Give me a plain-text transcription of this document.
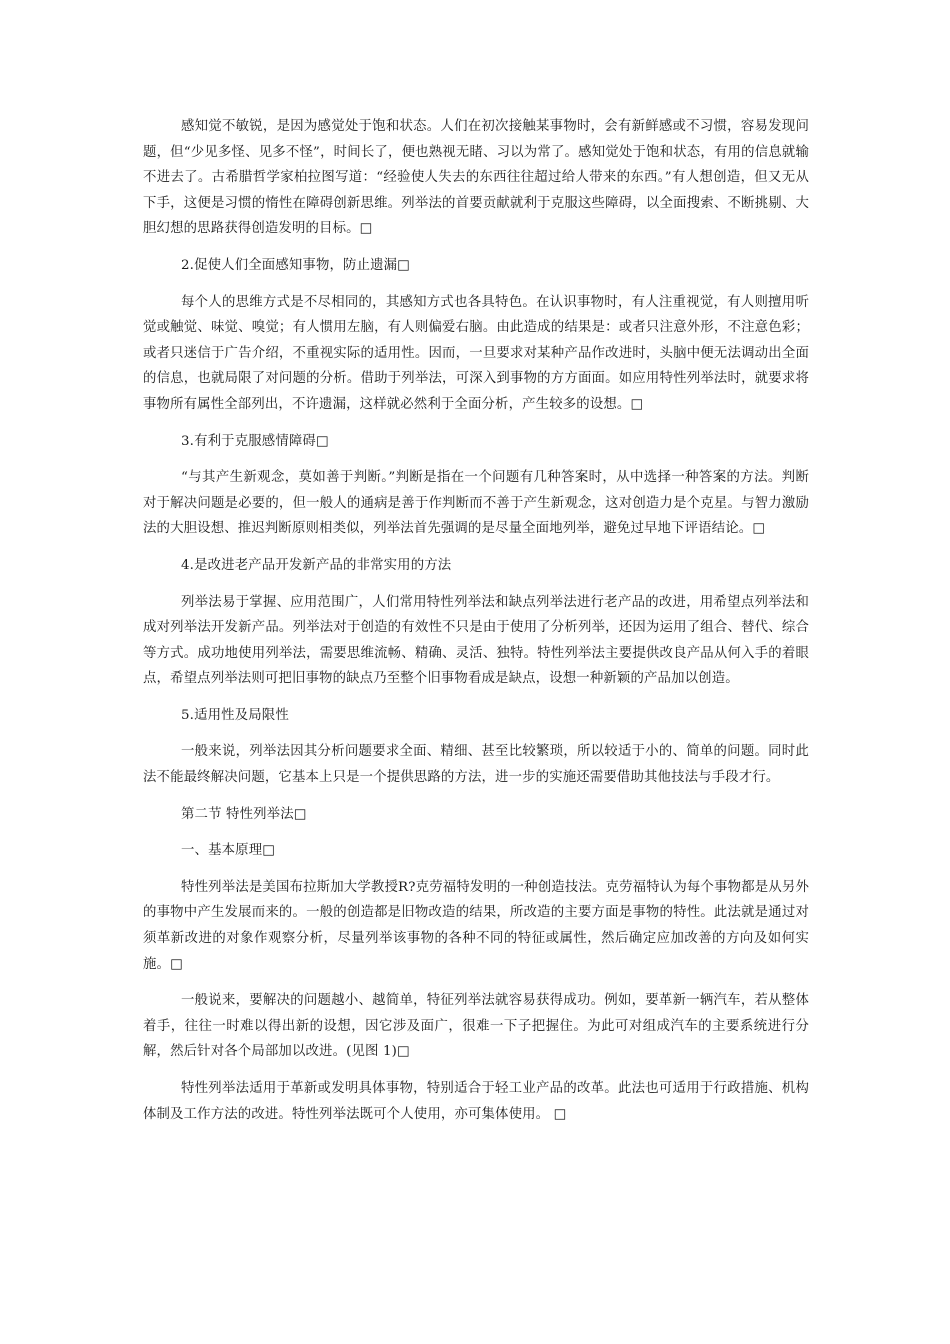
感知觉不敏锐，是因为感觉处于饱和状态。人们在初次接触某事物时，会有新鲜感或不习惯，容易发现问题，但“少见多怪、见多不怪”，时间长了，便也熟视无睹、习以为常了。感知觉处于饱和状态，有用的信息就输不进去了。古希腊哲学家柏拉图写道：“经验使人失去的东西往往超过给人带来的东西。”有人想创造，但又无从下手，这便是习惯的惰性在障碍创新思维。列举法的首要贡献就利于克服这些障碍，以全面搜索、不断挑剔、大胆幻想的思路获得创造发明的目标。□

2.促使人们全面感知事物，防止遗漏□

每个人的思维方式是不尽相同的，其感知方式也各具特色。在认识事物时，有人注重视觉，有人则擅用听觉或触觉、味觉、嗅觉；有人惯用左脑，有人则偏爱右脑。由此造成的结果是：或者只注意外形，不注意色彩；或者只迷信于广告介绍，不重视实际的适用性。因而，一旦要求对某种产品作改进时，头脑中便无法调动出全面的信息，也就局限了对问题的分析。借助于列举法，可深入到事物的方方面面。如应用特性列举法时，就要求将事物所有属性全部列出，不许遗漏，这样就必然利于全面分析，产生较多的设想。□

3.有利于克服感情障碍□

“与其产生新观念，莫如善于判断。”判断是指在一个问题有几种答案时，从中选择一种答案的方法。判断对于解决问题是必要的，但一般人的通病是善于作判断而不善于产生新观念，这对创造力是个克星。与智力激励法的大胆设想、推迟判断原则相类似，列举法首先强调的是尽量全面地列举，避免过早地下评语结论。□

4.是改进老产品开发新产品的非常实用的方法

列举法易于掌握、应用范围广，人们常用特性列举法和缺点列举法进行老产品的改进，用希望点列举法和成对列举法开发新产品。列举法对于创造的有效性不只是由于使用了分析列举，还因为运用了组合、替代、综合等方式。成功地使用列举法，需要思维流畅、精确、灵活、独特。特性列举法主要提供改良产品从何入手的着眼点，希望点列举法则可把旧事物的缺点乃至整个旧事物看成是缺点，设想一种新颖的产品加以创造。

5.适用性及局限性

一般来说，列举法因其分析问题要求全面、精细、甚至比较繁琐，所以较适于小的、简单的问题。同时此法不能最终解决问题，它基本上只是一个提供思路的方法，进一步的实施还需要借助其他技法与手段才行。

第二节 特性列举法□

一、基本原理□

特性列举法是美国布拉斯加大学教授R?克劳福特发明的一种创造技法。克劳福特认为每个事物都是从另外的事物中产生发展而来的。一般的创造都是旧物改造的结果，所改造的主要方面是事物的特性。此法就是通过对须革新改进的对象作观察分析，尽量列举该事物的各种不同的特征或属性，然后确定应加改善的方向及如何实施。□

一般说来，要解决的问题越小、越简单，特征列举法就容易获得成功。例如，要革新一辆汽车，若从整体着手，往往一时难以得出新的设想，因它涉及面广，很难一下子把握住。为此可对组成汽车的主要系统进行分解，然后针对各个局部加以改进。(见图 1)□

特性列举法适用于革新或发明具体事物，特别适合于轻工业产品的改革。此法也可适用于行政措施、机构体制及工作方法的改进。特性列举法既可个人使用，亦可集体使用。 □
